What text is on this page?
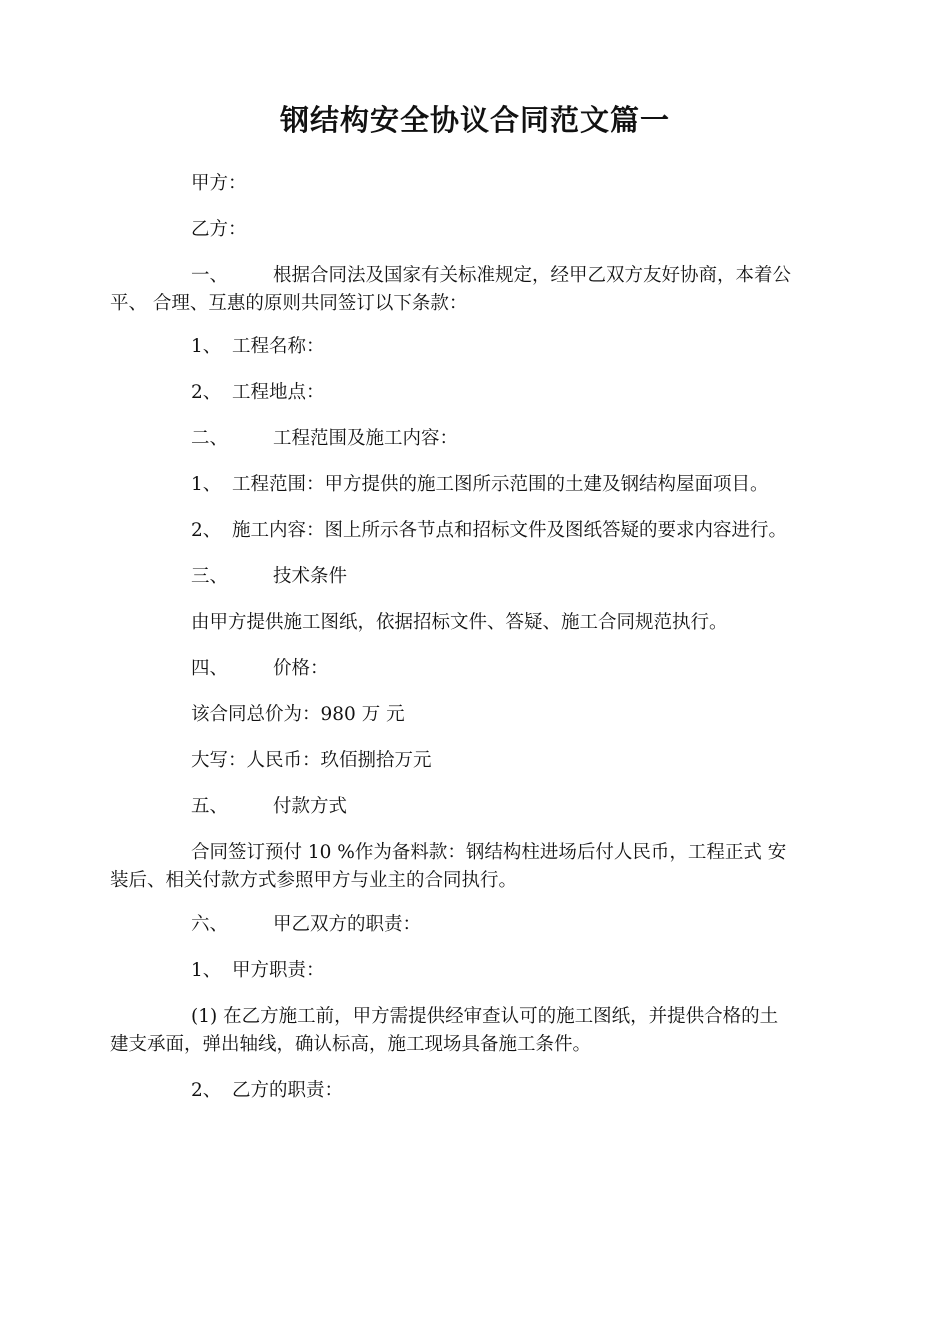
钢结构安全协议合同范文篇一

甲方：

乙方：

一、 根据合同法及国家有关标准规定，经甲乙双方友好协商，本着公

平、 合理、互惠的原则共同签订以下条款：

1、 工程名称：

2、 工程地点：

二、 工程范围及施工内容：

1、 工程范围：甲方提供的施工图所示范围的土建及钢结构屋面项目。

2、 施工内容：图上所示各节点和招标文件及图纸答疑的要求内容进行。

三、 技术条件

由甲方提供施工图纸，依据招标文件、答疑、施工合同规范执行。

四、 价格：

该合同总价为：980 万 元

大写：人民币：玖佰捌拾万元

五、 付款方式

合同签订预付 10 %作为备料款：钢结构柱进场后付人民币，工程正式 安

装后、相关付款方式参照甲方与业主的合同执行。

六、 甲乙双方的职责：

1、 甲方职责：

(1) 在乙方施工前，甲方需提供经审查认可的施工图纸，并提供合格的土

建支承面，弹出轴线，确认标高，施工现场具备施工条件。

2、 乙方的职责：
